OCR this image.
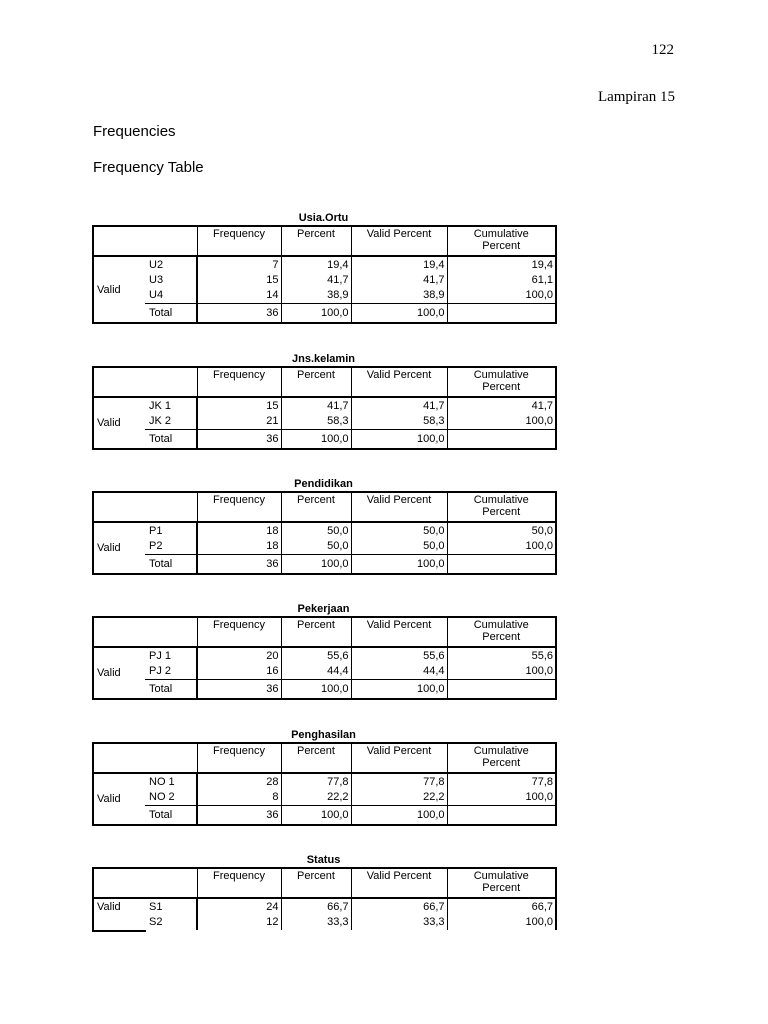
122
Lampiran 15
Frequencies
Frequency Table
Usia.Ortu
		Frequency	Percent	Valid Percent	Cumulative
Percent

Valid	U2	7	19,4	19,4	19,4
	U3	15	41,7	41,7	61,1
	U4	14	38,9	38,9	100,0
	Total	36	100,0	100,0	
Jns.kelamin
		Frequency	Percent	Valid Percent	Cumulative
Percent

Valid	JK 1	15	41,7	41,7	41,7
	JK 2	21	58,3	58,3	100,0
	Total	36	100,0	100,0	
Pendidikan
		Frequency	Percent	Valid Percent	Cumulative
Percent

Valid	P1	18	50,0	50,0	50,0
	P2	18	50,0	50,0	100,0
	Total	36	100,0	100,0	
Pekerjaan
		Frequency	Percent	Valid Percent	Cumulative
Percent

Valid	PJ 1	20	55,6	55,6	55,6
	PJ 2	16	44,4	44,4	100,0
	Total	36	100,0	100,0	
Penghasilan
		Frequency	Percent	Valid Percent	Cumulative
Percent

Valid	NO 1	28	77,8	77,8	77,8
	NO 2	8	22,2	22,2	100,0
	Total	36	100,0	100,0	
Status
		Frequency	Percent	Valid Percent	Cumulative
Percent

Valid	S1	24	66,7	66,7	66,7
	S2	12	33,3	33,3	100,0
